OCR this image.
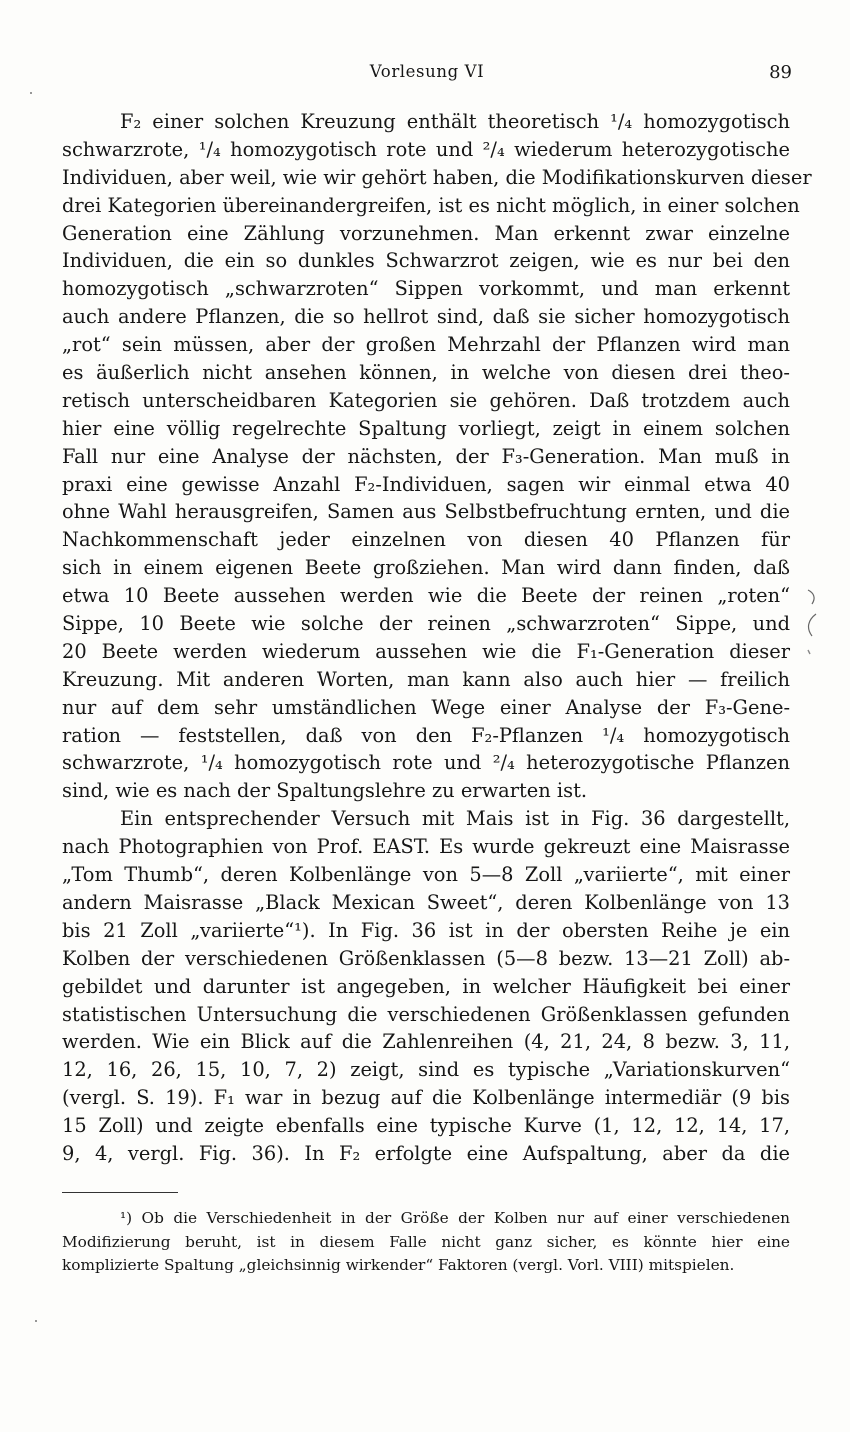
Vorlesung VI	89
F₂ einer solchen Kreuzung enthält theoretisch ¹/₄ homozygotisch
schwarzrote, ¹/₄ homozygotisch rote und ²/₄ wiederum heterozygotische
Individuen, aber weil, wie wir gehört haben, die Modifikationskurven dieser
drei Kategorien übereinandergreifen, ist es nicht möglich, in einer solchen
Generation eine Zählung vorzunehmen. Man erkennt zwar einzelne
Individuen, die ein so dunkles Schwarzrot zeigen, wie es nur bei den
homozygotisch „schwarzroten“ Sippen vorkommt, und man erkennt
auch andere Pflanzen, die so hellrot sind, daß sie sicher homozygotisch
„rot“ sein müssen, aber der großen Mehrzahl der Pflanzen wird man
es äußerlich nicht ansehen können, in welche von diesen drei theo-
retisch unterscheidbaren Kategorien sie gehören. Daß trotzdem auch
hier eine völlig regelrechte Spaltung vorliegt, zeigt in einem solchen
Fall nur eine Analyse der nächsten, der F₃-Generation. Man muß in
praxi eine gewisse Anzahl F₂-Individuen, sagen wir einmal etwa 40
ohne Wahl herausgreifen, Samen aus Selbstbefruchtung ernten, und die
Nachkommenschaft jeder einzelnen von diesen 40 Pflanzen für
sich in einem eigenen Beete großziehen. Man wird dann finden, daß
etwa 10 Beete aussehen werden wie die Beete der reinen „roten“
Sippe, 10 Beete wie solche der reinen „schwarzroten“ Sippe, und
20 Beete werden wiederum aussehen wie die F₁-Generation dieser
Kreuzung. Mit anderen Worten, man kann also auch hier — freilich
nur auf dem sehr umständlichen Wege einer Analyse der F₃-Gene-
ration — feststellen, daß von den F₂-Pflanzen ¹/₄ homozygotisch
schwarzrote, ¹/₄ homozygotisch rote und ²/₄ heterozygotische Pflanzen
sind, wie es nach der Spaltungslehre zu erwarten ist.
Ein entsprechender Versuch mit Mais ist in Fig. 36 dargestellt,
nach Photographien von Prof. EAST. Es wurde gekreuzt eine Maisrasse
„Tom Thumb“, deren Kolbenlänge von 5—8 Zoll „variierte“, mit einer
andern Maisrasse „Black Mexican Sweet“, deren Kolbenlänge von 13
bis 21 Zoll „variierte“¹). In Fig. 36 ist in der obersten Reihe je ein
Kolben der verschiedenen Größenklassen (5—8 bezw. 13—21 Zoll) ab-
gebildet und darunter ist angegeben, in welcher Häufigkeit bei einer
statistischen Untersuchung die verschiedenen Größenklassen gefunden
werden. Wie ein Blick auf die Zahlenreihen (4, 21, 24, 8 bezw. 3, 11,
12, 16, 26, 15, 10, 7, 2) zeigt, sind es typische „Variationskurven“
(vergl. S. 19). F₁ war in bezug auf die Kolbenlänge intermediär (9 bis
15 Zoll) und zeigte ebenfalls eine typische Kurve (1, 12, 12, 14, 17,
9, 4, vergl. Fig. 36). In F₂ erfolgte eine Aufspaltung, aber da die
¹) Ob die Verschiedenheit in der Größe der Kolben nur auf einer verschiedenen
Modifizierung beruht, ist in diesem Falle nicht ganz sicher, es könnte hier eine
komplizierte Spaltung „gleichsinnig wirkender“ Faktoren (vergl. Vorl. VIII) mitspielen.
